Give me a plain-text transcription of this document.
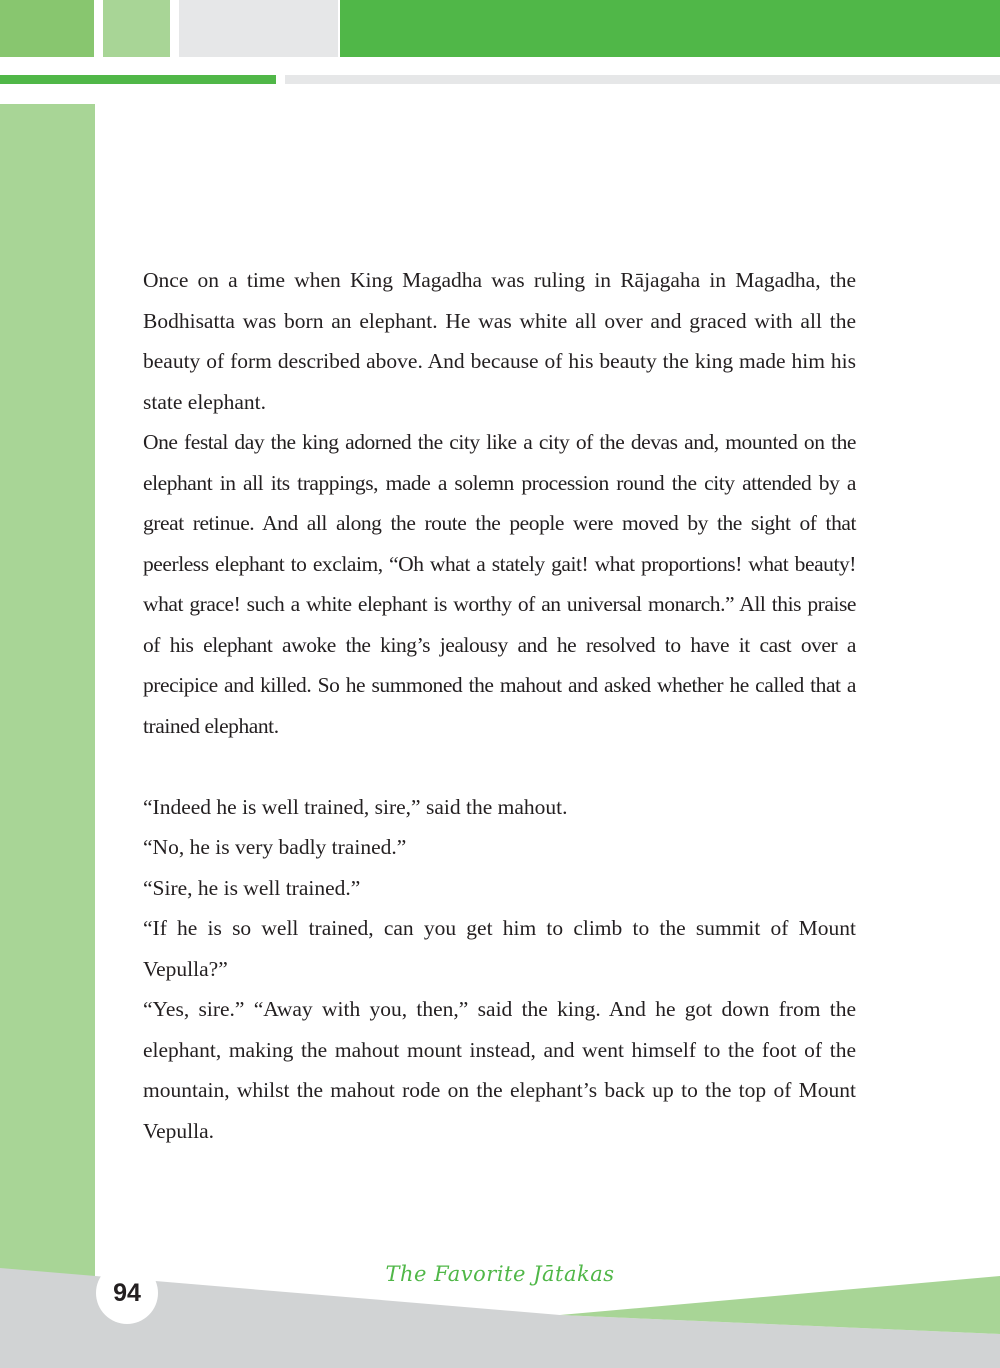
Once on a time when King Magadha was ruling in Rājagaha in Magadha, the Bodhisatta was born an elephant. He was white all over and graced with all the beauty of form described above. And because of his beauty the king made him his state elephant.

One festal day the king adorned the city like a city of the devas and, mounted on the elephant in all its trappings, made a solemn procession round the city attended by a great retinue. And all along the route the people were moved by the sight of that peerless elephant to exclaim, “Oh what a stately gait! what proportions! what beauty! what grace! such a white elephant is worthy of an universal monarch.” All this praise of his elephant awoke the king’s jealousy and he resolved to have it cast over a precipice and killed. So he summoned the mahout and asked whether he called that a trained elephant.

“Indeed he is well trained, sire,” said the mahout.

“No, he is very badly trained.”

“Sire, he is well trained.”

“If he is so well trained, can you get him to climb to the summit of Mount Vepulla?”

“Yes, sire.” “Away with you, then,” said the king. And he got down from the elephant, making the mahout mount instead, and went himself to the foot of the mountain, whilst the mahout rode on the elephant’s back up to the top of Mount Vepulla.

94
The Favorite Jātakas
